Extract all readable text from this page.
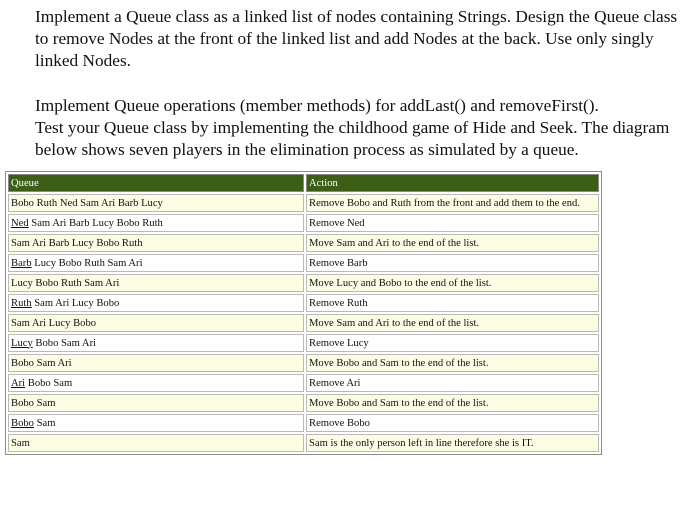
Implement a Queue class as a linked list of nodes containing Strings. Design the Queue class to remove Nodes at the front of the linked list and add Nodes at the back. Use only singly linked Nodes.

Implement Queue operations (member methods) for addLast() and removeFirst().
Test your Queue class by implementing the childhood game of Hide and Seek. The diagram below shows seven players in the elimination process as simulated by a queue.

Queue	Action
Bobo Ruth Ned Sam Ari Barb Lucy	Remove Bobo and Ruth from the front and add them to the end.
Ned Sam Ari Barb Lucy Bobo Ruth	Remove Ned
Sam Ari Barb Lucy Bobo Ruth	Move Sam and Ari to the end of the list.
Barb Lucy Bobo Ruth Sam Ari	Remove Barb
Lucy Bobo Ruth Sam Ari	Move Lucy and Bobo to the end of the list.
Ruth Sam Ari Lucy Bobo	Remove Ruth
Sam Ari Lucy Bobo	Move Sam and Ari to the end of the list.
Lucy Bobo Sam Ari	Remove Lucy
Bobo Sam Ari	Move Bobo and Sam to the end of the list.
Ari Bobo Sam	Remove Ari
Bobo Sam	Move Bobo and Sam to the end of the list.
Bobo Sam	Remove Bobo
Sam	Sam is the only person left in line therefore she is IT.
